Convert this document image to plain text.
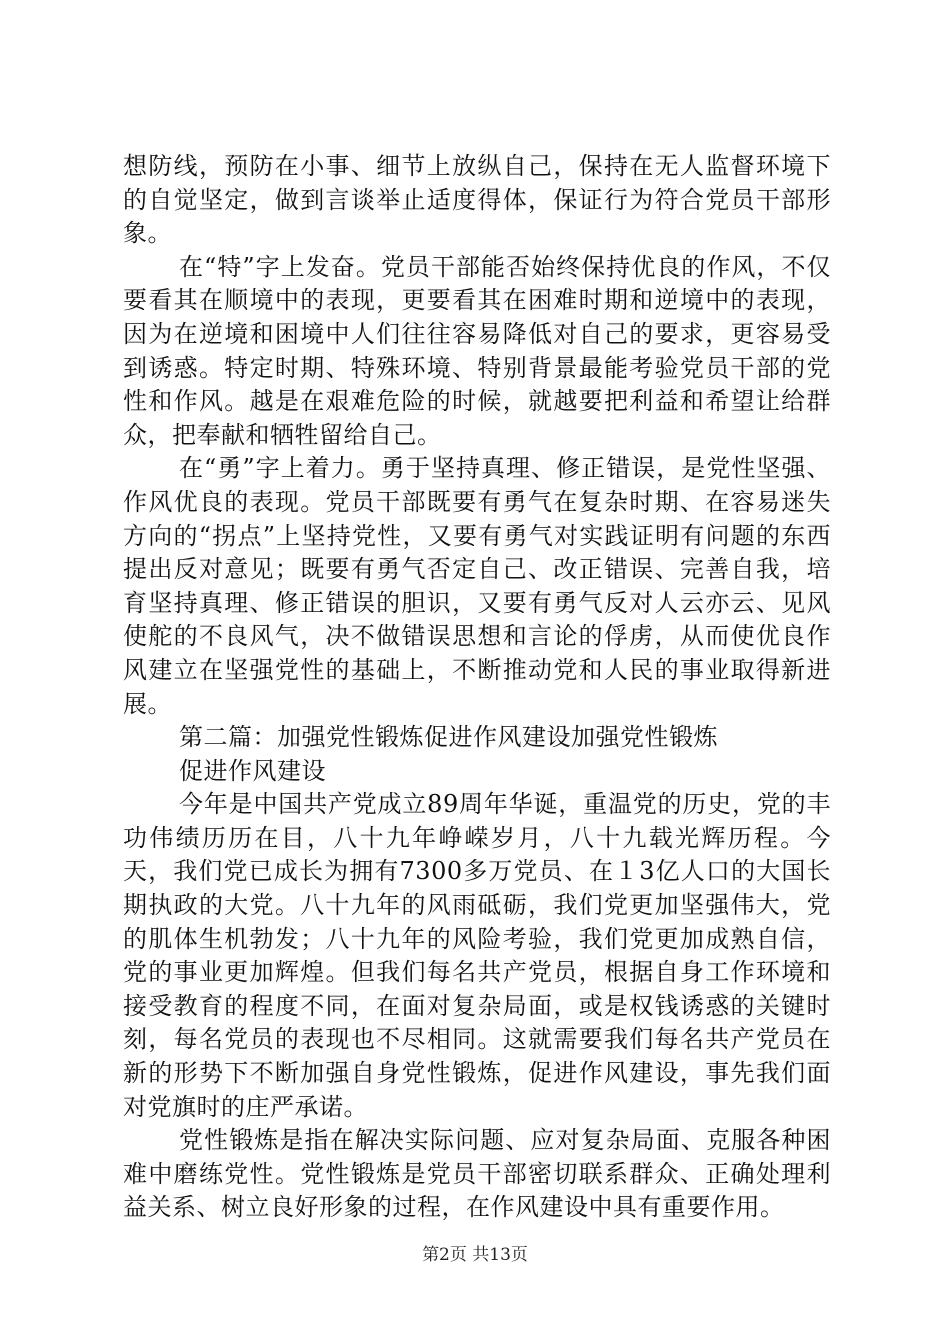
想防线，预防在小事、细节上放纵自己，保持在无人监督环境下的自觉坚定，做到言谈举止适度得体，保证行为符合党员干部形象。

在“特”字上发奋。党员干部能否始终保持优良的作风，不仅要看其在顺境中的表现，更要看其在困难时期和逆境中的表现，因为在逆境和困境中人们往往容易降低对自己的要求，更容易受到诱惑。特定时期、特殊环境、特别背景最能考验党员干部的党性和作风。越是在艰难危险的时候，就越要把利益和希望让给群众，把奉献和牺牲留给自己。

在“勇”字上着力。勇于坚持真理、修正错误，是党性坚强、作风优良的表现。党员干部既要有勇气在复杂时期、在容易迷失方向的“拐点”上坚持党性，又要有勇气对实践证明有问题的东西提出反对意见；既要有勇气否定自己、改正错误、完善自我，培育坚持真理、修正错误的胆识，又要有勇气反对人云亦云、见风使舵的不良风气，决不做错误思想和言论的俘虏，从而使优良作风建立在坚强党性的基础上，不断推动党和人民的事业取得新进展。

第二篇：加强党性锻炼促进作风建设加强党性锻炼

促进作风建设

今年是中国共产党成立89周年华诞，重温党的历史，党的丰功伟绩历历在目，八十九年峥嵘岁月，八十九载光辉历程。今天，我们党已成长为拥有7300多万党员、在１3亿人口的大国长期执政的大党。八十九年的风雨砥砺，我们党更加坚强伟大，党的肌体生机勃发；八十九年的风险考验，我们党更加成熟自信，党的事业更加辉煌。但我们每名共产党员，根据自身工作环境和接受教育的程度不同，在面对复杂局面，或是权钱诱惑的关键时刻，每名党员的表现也不尽相同。这就需要我们每名共产党员在新的形势下不断加强自身党性锻炼，促进作风建设，事先我们面对党旗时的庄严承诺。

党性锻炼是指在解决实际问题、应对复杂局面、克服各种困难中磨练党性。党性锻炼是党员干部密切联系群众、正确处理利益关系、树立良好形象的过程，在作风建设中具有重要作用。

第2页 共13页
